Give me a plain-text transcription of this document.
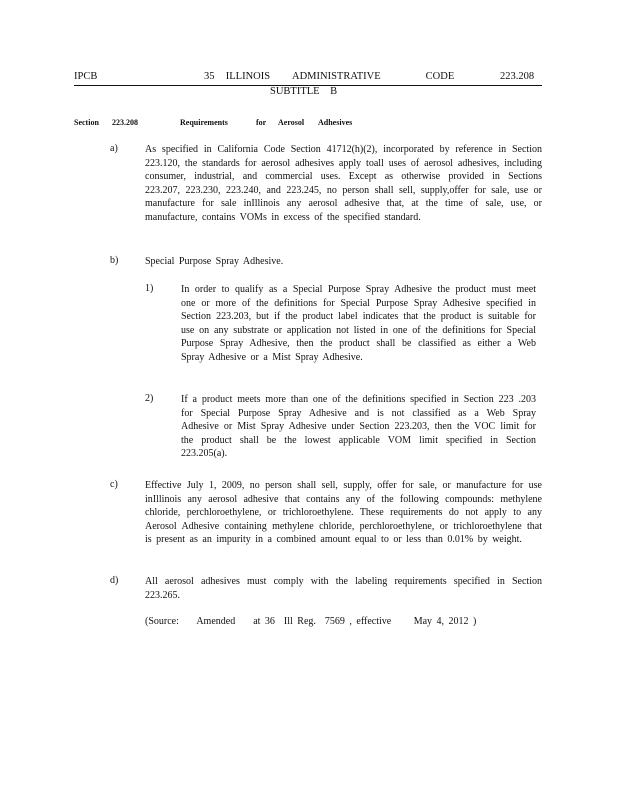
IPCB	35  ILLINOIS    ADMINISTRATIVE        CODE	223.208
SUBTITLE    B
Section 223.208	Requirements	for Aerosol Adhesives
a)	As specified in California Code Section 41712(h)(2), incorporated by reference in Section 223.120, the standards for aerosol adhesives apply toall uses of aerosol adhesives, including consumer, industrial, and commercial uses. Except as otherwise provided in Sections 223.207, 223.230, 223.240, and 223.245, no person shall sell, supply,offer for sale, use or manufacture for sale inIllinois any aerosol adhesive that, at the time of sale, use, or manufacture, contains VOMs in excess of the specified standard.
b)	Special Purpose Spray Adhesive.
1)	In order to qualify as a Special Purpose Spray Adhesive the product must meet one or more of the definitions for Special Purpose Spray Adhesive specified in Section 223.203, but if the product label indicates that the product is suitable for use on any substrate or application not listed in one of the definitions for Special Purpose Spray Adhesive, then the product shall be classified as either a Web Spray Adhesive or a Mist Spray Adhesive.
2)	If a product meets more than one of the definitions specified in Section 223 .203 for Special Purpose Spray Adhesive and is not classified as a Web Spray Adhesive or Mist Spray Adhesive under Section 223.203, then the VOC limit for the product shall be the lowest applicable VOM limit specified in Section 223.205(a).
c)	Effective July 1, 2009, no person shall sell, supply, offer for sale, or manufacture for use inIllinois any aerosol adhesive that contains any of the following compounds: methylene chloride, perchloroethylene, or trichloroethylene. These requirements do not apply to any Aerosol Adhesive containing methylene chloride, perchloroethylene, or trichloroethylene that is present as an impurity in a combined amount equal to or less than 0.01% by weight.
d)	All aerosol adhesives must comply with the labeling requirements specified in Section 223.265.
(Source:    Amended    at 36  Ill Reg.  7569 , effective     May 4, 2012 )
